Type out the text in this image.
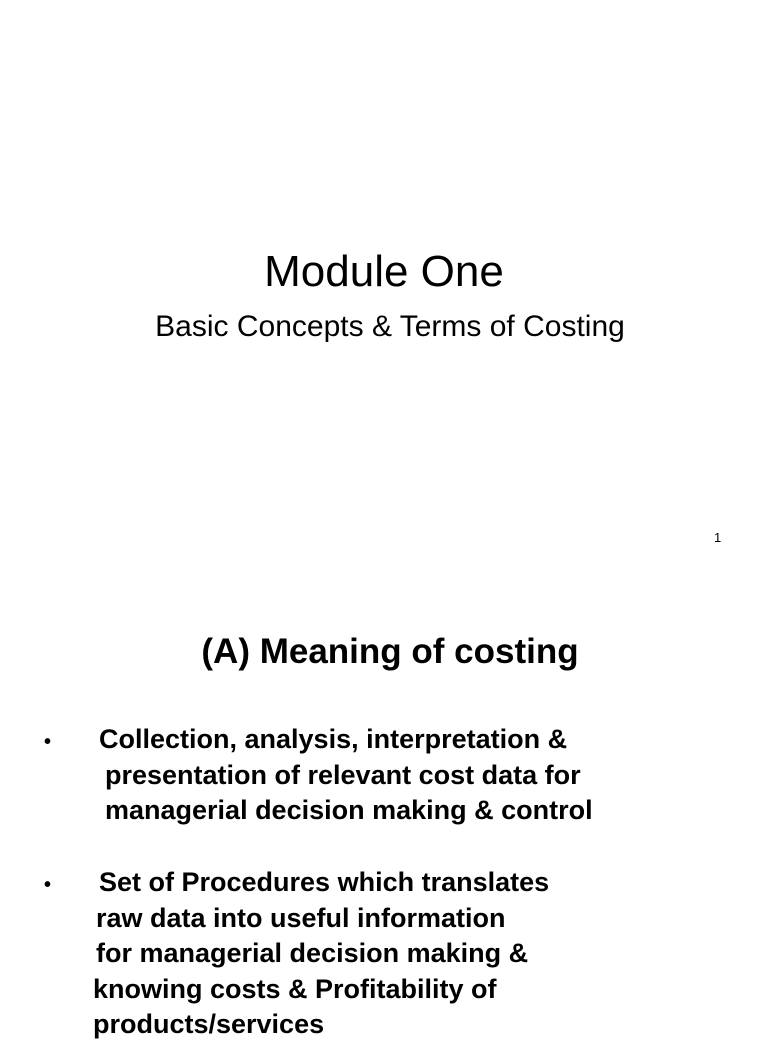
Module One
Basic Concepts & Terms of Costing
1
(A) Meaning of costing
• Collection, analysis, interpretation &
presentation of relevant cost data for
managerial decision making & control
• Set of Procedures which translates
raw data into useful information
for managerial decision making &
knowing costs & Profitability of
products/services
